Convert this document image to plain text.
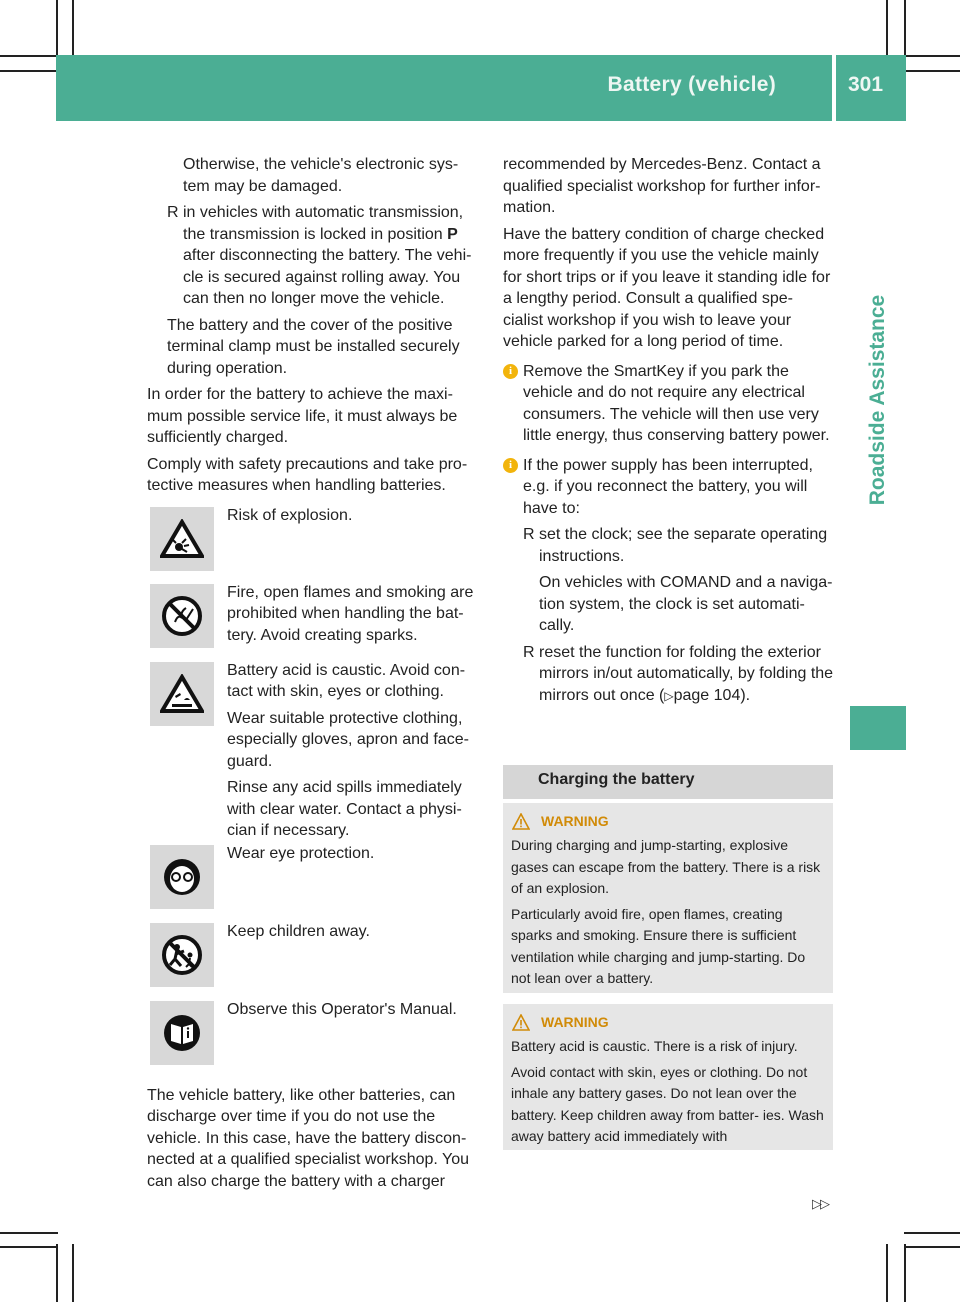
Battery (vehicle)	301
Roadside Assistance
Otherwise, the vehicle's electronic sys-
tem may be damaged.
R in vehicles with automatic transmission, the transmission is locked in position P after disconnecting the battery. The vehi- cle is secured against rolling away. You can then no longer move the vehicle.

The battery and the cover of the positive terminal clamp must be installed securely during operation.

In order for the battery to achieve the maxi- mum possible service life, it must always be sufficiently charged.

Comply with safety precautions and take pro- tective measures when handling batteries.

Risk of explosion.

Fire, open flames and smoking are prohibited when handling the bat- tery. Avoid creating sparks.

Battery acid is caustic. Avoid con- tact with skin, eyes or clothing.

Wear suitable protective clothing, especially gloves, apron and face- guard.

Rinse any acid spills immediately with clear water. Contact a physi- cian if necessary.

Wear eye protection.

Keep children away.

Observe this Operator's Manual.

The vehicle battery, like other batteries, can discharge over time if you do not use the vehicle. In this case, have the battery discon- nected at a qualified specialist workshop. You can also charge the battery with a charger

recommended by Mercedes-Benz. Contact a qualified specialist workshop for further infor- mation.

Have the battery condition of charge checked more frequently if you use the vehicle mainly for short trips or if you leave it standing idle for a lengthy period. Consult a qualified spe- cialist workshop if you wish to leave your vehicle parked for a long period of time.

i Remove the SmartKey if you park the vehicle and do not require any electrical consumers. The vehicle will then use very little energy, thus conserving battery power.
i If the power supply has been interrupted, e.g. if you reconnect the battery, you will have to:
R set the clock; see the separate operating instructions.

On vehicles with COMAND and a naviga- tion system, the clock is set automati- cally.

R reset the function for folding the exterior mirrors in/out automatically, by folding the mirrors out once (▷page 104).
Charging the battery
WARNING

During charging and jump-starting, explosive gases can escape from the battery. There is a risk of an explosion.

Particularly avoid fire, open flames, creating sparks and smoking. Ensure there is sufficient ventilation while charging and jump-starting. Do not lean over a battery.

WARNING

Battery acid is caustic. There is a risk of injury.

Avoid contact with skin, eyes or clothing. Do not inhale any battery gases. Do not lean over the battery. Keep children away from batter- ies. Wash away battery acid immediately with

▷▷
